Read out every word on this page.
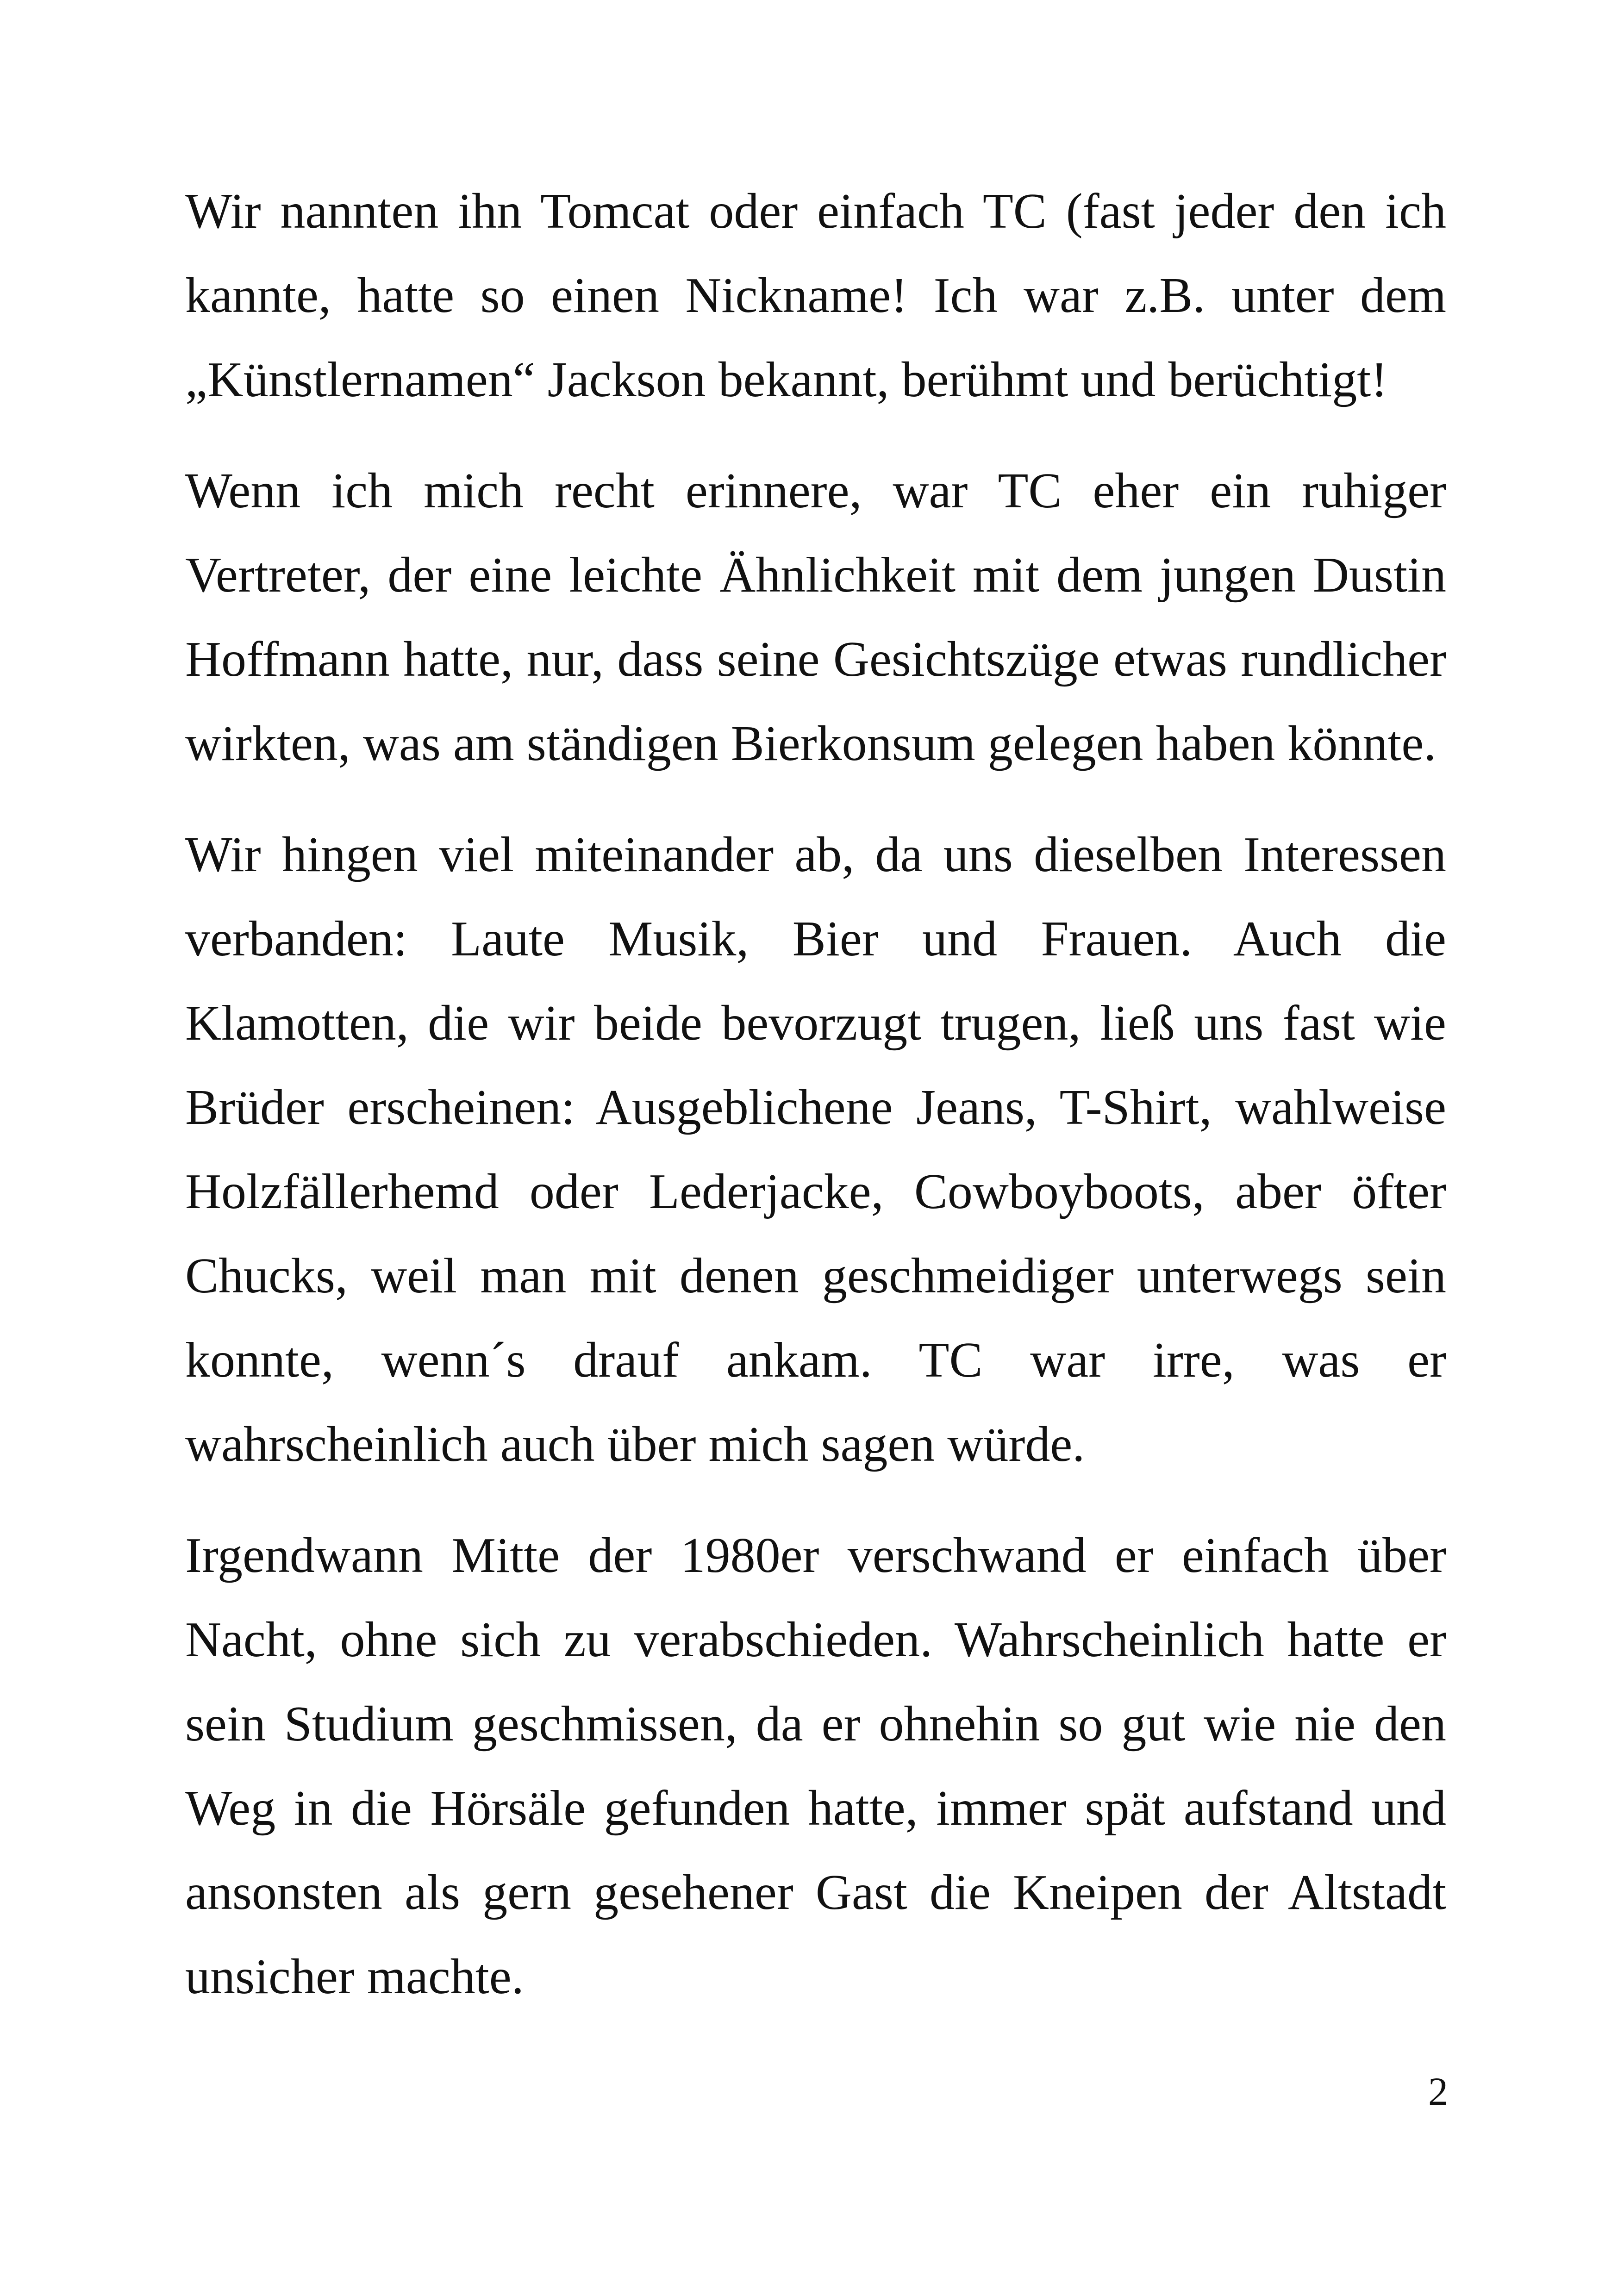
Wir nannten ihn Tomcat oder einfach TC (fast jeder den ich kannte, hatte so einen Nickname! Ich war z.B. unter dem „Künstlernamen“ Jackson bekannt, berühmt und berüchtigt!

Wenn ich mich recht erinnere, war TC eher ein ruhiger Vertreter, der eine leichte Ähnlichkeit mit dem jungen Dustin Hoffmann hatte, nur, dass seine Gesichtszüge etwas rundlicher wirkten, was am ständigen Bierkonsum gelegen haben könnte.

Wir hingen viel miteinander ab, da uns dieselben Interessen verbanden: Laute Musik, Bier und Frauen. Auch die Klamotten, die wir beide bevorzugt trugen, ließ uns fast wie Brüder erscheinen: Ausgeblichene Jeans, T-Shirt, wahlweise Holzfällerhemd oder Lederjacke, Cowboyboots, aber öfter Chucks, weil man mit denen geschmeidiger unterwegs sein konnte, wenn´s drauf ankam. TC war irre, was er wahrscheinlich auch über mich sagen würde.

Irgendwann Mitte der 1980er verschwand er einfach über Nacht, ohne sich zu verabschieden. Wahrscheinlich hatte er sein Studium geschmissen, da er ohnehin so gut wie nie den Weg in die Hörsäle gefunden hatte, immer spät aufstand und ansonsten als gern gesehener Gast die Kneipen der Altstadt unsicher machte.

2
